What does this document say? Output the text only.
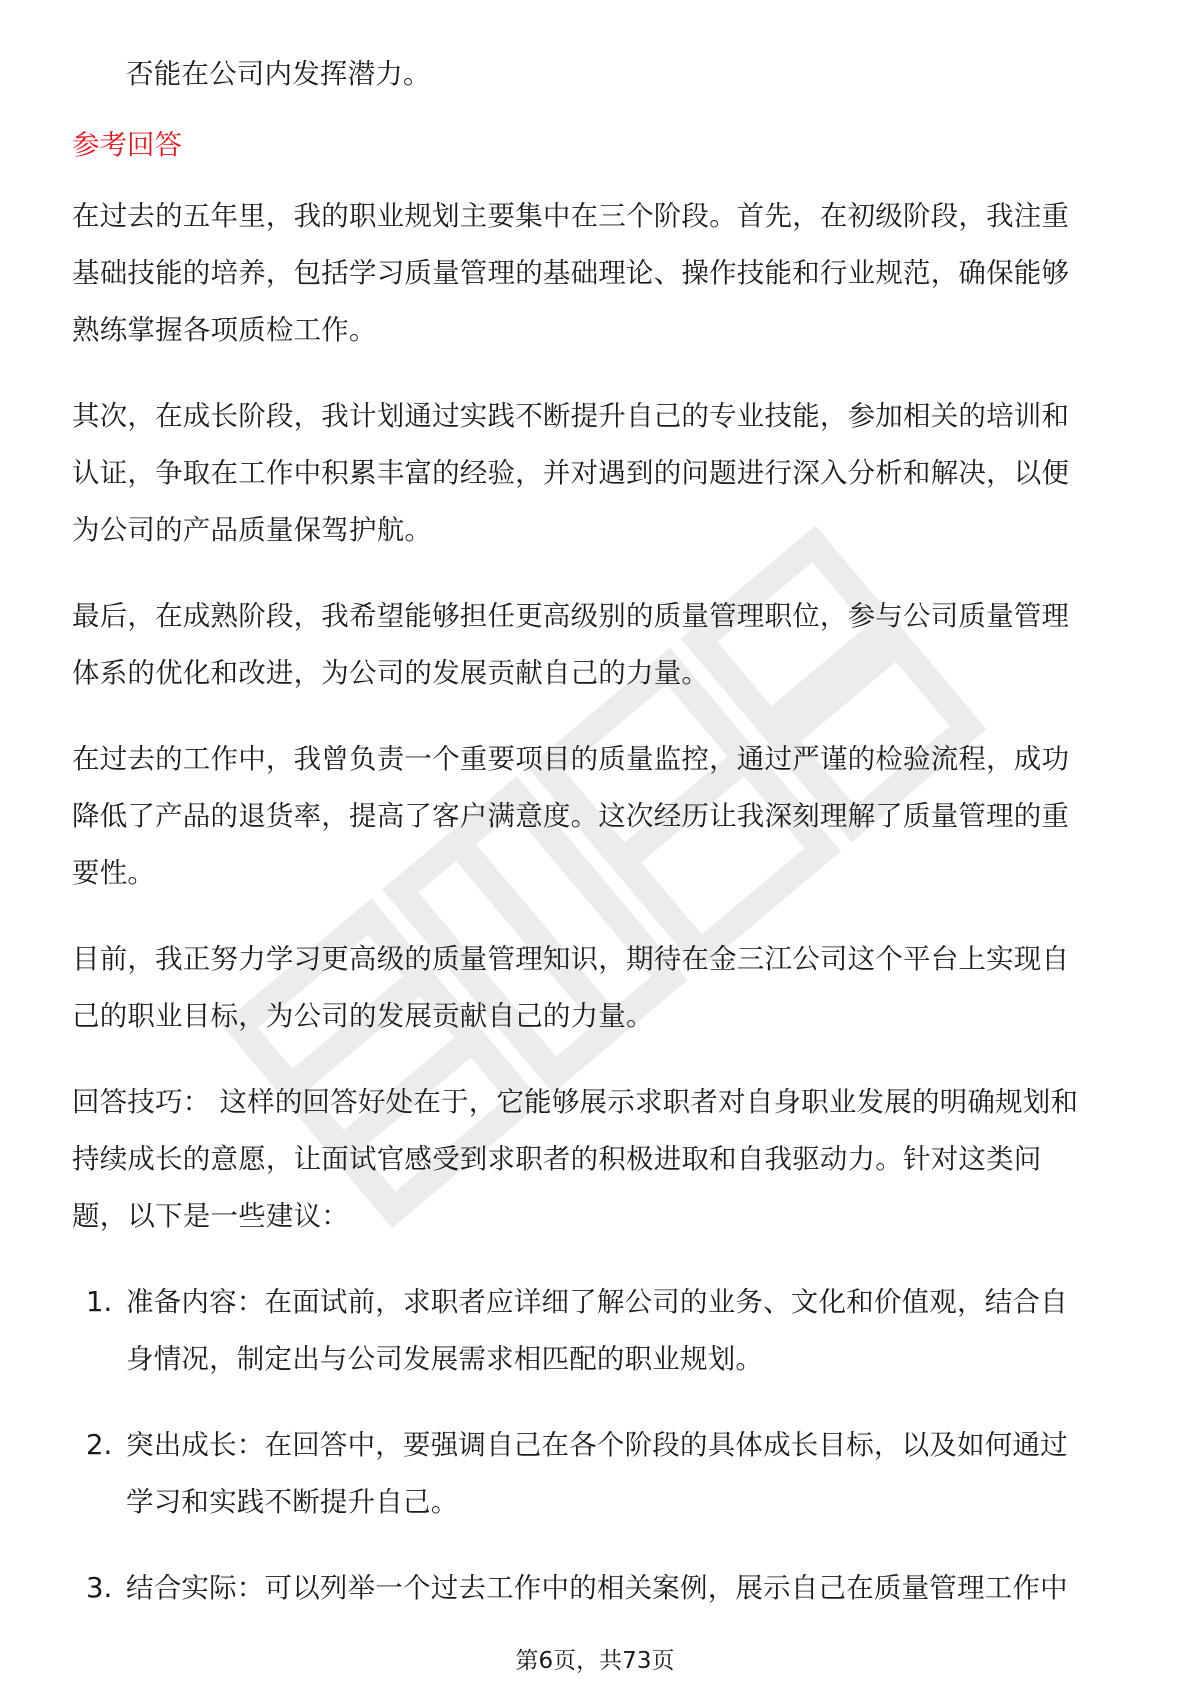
否能在公司内发挥潜力。
参考回答
在过去的五年里，我的职业规划主要集中在三个阶段。首先，在初级阶段，我注重
基础技能的培养，包括学习质量管理的基础理论、操作技能和行业规范，确保能够
熟练掌握各项质检工作。
其次，在成长阶段，我计划通过实践不断提升自己的专业技能，参加相关的培训和
认证，争取在工作中积累丰富的经验，并对遇到的问题进行深入分析和解决，以便
为公司的产品质量保驾护航。
最后，在成熟阶段，我希望能够担任更高级别的质量管理职位，参与公司质量管理
体系的优化和改进，为公司的发展贡献自己的力量。
在过去的工作中，我曾负责一个重要项目的质量监控，通过严谨的检验流程，成功
降低了产品的退货率，提高了客户满意度。这次经历让我深刻理解了质量管理的重
要性。
目前，我正努力学习更高级的质量管理知识，期待在金三江公司这个平台上实现自
己的职业目标，为公司的发展贡献自己的力量。
回答技巧： 这样的回答好处在于，它能够展示求职者对自身职业发展的明确规划和
持续成长的意愿，让面试官感受到求职者的积极进取和自我驱动力。针对这类问
题，以下是一些建议：
1. 准备内容：在面试前，求职者应详细了解公司的业务、文化和价值观，结合自
身情况，制定出与公司发展需求相匹配的职业规划。
2. 突出成长：在回答中，要强调自己在各个阶段的具体成长目标，以及如何通过
学习和实践不断提升自己。
3. 结合实际：可以列举一个过去工作中的相关案例，展示自己在质量管理工作中
第6页，共73页
